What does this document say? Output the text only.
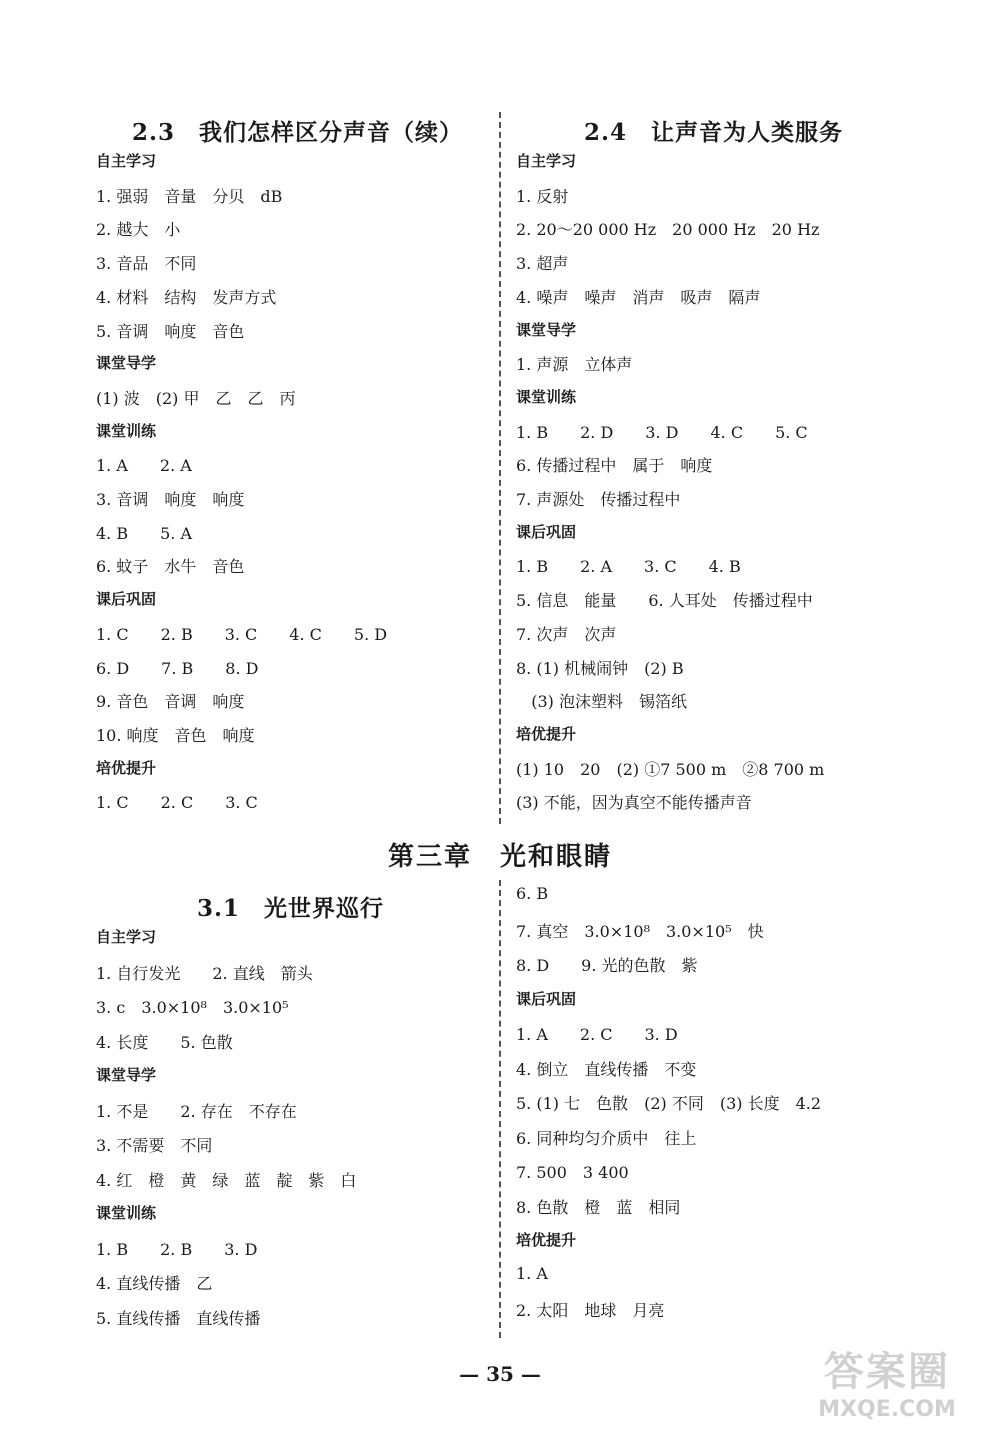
2.3　我们怎样区分声音（续）	2.4　让声音为人类服务
自主学习
1. 强弱　音量　分贝　dB
2. 越大　小
3. 音品　不同
4. 材料　结构　发声方式
5. 音调　响度　音色
课堂导学
(1) 波　(2) 甲　乙　乙　丙
课堂训练
1. A　　2. A
3. 音调　响度　响度
4. B　　5. A
6. 蚊子　水牛　音色
课后巩固
1. C　　2. B　　3. C　　4. C　　5. D
6. D　　7. B　　8. D
9. 音色　音调　响度
10. 响度　音色　响度
培优提升
1. C　　2. C　　3. C
自主学习
1. 反射
2. 20～20 000 Hz　20 000 Hz　20 Hz
3. 超声
4. 噪声　噪声　消声　吸声　隔声
课堂导学
1. 声源　立体声
课堂训练
1. B　　2. D　　3. D　　4. C　　5. C
6. 传播过程中　属于　响度
7. 声源处　传播过程中
课后巩固
1. B　　2. A　　3. C　　4. B
5. 信息　能量　　6. 人耳处　传播过程中
7. 次声　次声
8. (1) 机械闹钟　(2) B
(3) 泡沫塑料　锡箔纸
培优提升
(1) 10　20　(2) ①7 500 m　②8 700 m
(3) 不能，因为真空不能传播声音
第三章　光和眼睛
3.1　光世界巡行
自主学习
1. 自行发光　　2. 直线　箭头
3. c　3.0×10⁸　3.0×10⁵
4. 长度　　5. 色散
课堂导学
1. 不是　　2. 存在　不存在
3. 不需要　不同
4. 红　橙　黄　绿　蓝　靛　紫　白
课堂训练
1. B　　2. B　　3. D
4. 直线传播　乙
5. 直线传播　直线传播
6. B
7. 真空　3.0×10⁸　3.0×10⁵　快
8. D　　9. 光的色散　紫
课后巩固
1. A　　2. C　　3. D
4. 倒立　直线传播　不变
5. (1) 七　色散　(2) 不同　(3) 长度　4.2
6. 同种均匀介质中　往上
7. 500　3 400
8. 色散　橙　蓝　相同
培优提升
1. A
2. 太阳　地球　月亮
— 35 —	答案圈
MXQE.COM
